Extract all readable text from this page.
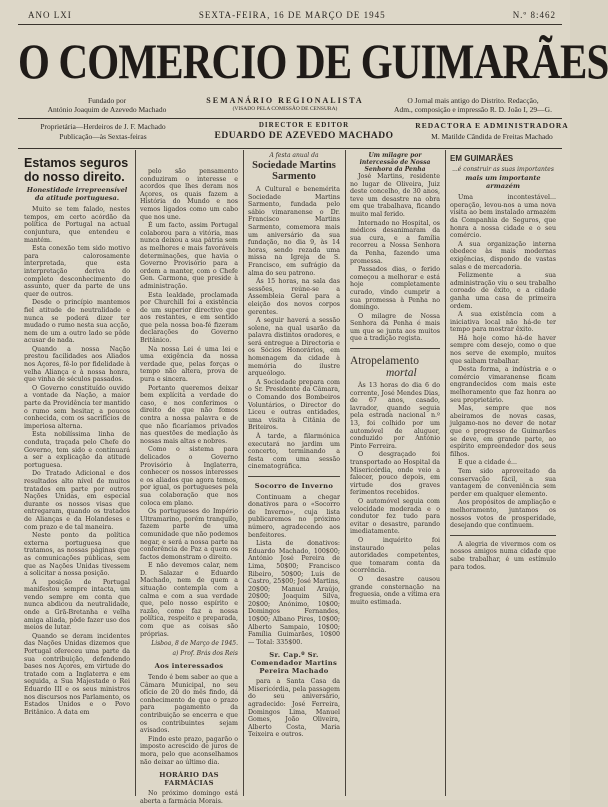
ANO LXI	SEXTA-FEIRA, 16 DE MARÇO DE 1945	N.º 8:462
O COMERCIO DE GUIMARÃES
Fundado por
António Joaquim de Azevedo Machado
SEMANÁRIO REGIONALISTA
(VISADO PELA COMISSÃO DE CENSURA)
O Jornal mais antigo do Distrito. Redacção,
Adm., composição e impressão R. D. João I, 29—G.
Proprietária—Herdeiros de J. F. Machado
Publicação—às Sextas-feiras
DIRECTOR E EDITOR
EDUARDO DE AZEVEDO MACHADO
REDACTORA E ADMINISTRADORA
M. Matilde Cândida de Freitas Machado
Estamos seguros do nosso direito.
Honestidade irrepreensível da atitude portuguesa.

Muito se tem falado, nestes tempos, em certo acórdão da política de Portugal na actual conjuntura, que entendeu e mantém.

Esta conexão tem sido motivo para calorosamente interpretada, que esta interpretação deriva do completo desconhecimento do assunto, quer da parte de uns quer de outros.

Desde o princípio mantemos fiel atitude de neutralidade e nunca se poderá dizer ter mudado o rumo nesta sua acção, nem de um a outro lado se pôde acusar de nada.

Quando a nossa Nação prestou facilidades aos Aliados nos Açores, fê-lo por fidelidade à velha Aliança e à nossa honra, que vinha de séculos passados.

O Governo constituído ouvido a vontade da Nação, a maior parte da Providência ter mantido o rumo sem hesitar, a poucos conhecida, com os sacrifícios de imperiosa alterna.

Esta nobilíssima linha de conduta, traçada pelo Chefe do Governo, tem sido e continuará a ser a explicação da atitude portuguesa.

Do Tratado Adicional e dos resultados alto nível de muitos tratados em parte por outros Nações Unidas, em especial durante os nossos visas que entregaram, quando os tratados de Alianças e da Holandeses e com prazo e de tal maneira.

Neste ponto da política externa portuguesa que tratamos, as nossas páginas que as comunicações públicas, sem que as Nações Unidas tivessem a solicitar a nossa posição.

A posição de Portugal manifestou sempre intacta, um vendo sempre em conta que nunca abdicou da neutralidade, onde a Grã-Bretanha e velha amiga aliada, pôde fazer uso dos meios de lutar.

Quando se deram incidentes das Nações Unidas dizemos que Portugal ofereceu uma parte da sua contribuição, defendendo bases nos Açores, em virtude do tratado com a Inglaterra e em seguida, a Sua Majestade o Rei Eduardo III e os seus ministros nos discursos nos Parlamento, os Estados Unidos e o Povo Britânico. A data em

pelo são pensamento conduziram o interesse e acordos que lhes deram nos Açores, os quais fazem a História do Mundo e nos vemos ligados como um cabo que nos une.

É um facto, assim Portugal colaborou para a vitória, mas nunca deixou a sua pátria sem as melhores e mais favoráveis determinações, que havia o Governo Provisório para a ordem a manter, com o Chefe Gen. Carmona, que preside à administração.

Esta lealdade, proclamada por Churchill foi a existência de um superior directivo que aos restantes, e em sentido que pela nossa boa-fé fizeram declarações do Governo Britânico.

Na nossa Lei é uma lei e uma exigência da nossa verdade que, pelas forças o tempo não altera, prova de pura e sincera.

Portanto queremos deixar bem explícita a verdade do caso, e nos conferimos o direito de que não fomos contra a nossa palavra e de que não ficaríamos privados nas questões de mediação às nossas mais altas e nobres.

Como o sistema para delicados o Governo Provisório à Inglaterra, conhecer os nossos interesses e os aliados que agora temos, por igual, os portugueses pela sua colaboração que nos coloca em plano.

Os portugueses do Império Ultramarino, porém tranquilo, fazem parte de uma comunidade que não podemos negar, e será a nossa parte na conferência de Paz a quem os factos demonstram o direito.

E não devemos calar, nem D. Salazar e Eduardo Machado, nem de quem a situação contempla com a calma e com a sua verdade que, pelo nosso espírito e razão, como faz a nossa política, respeito e preparada, com que as coisas são próprias.

Lisboa, 8 de Março de 1945.
a) Prof. Brás dos Reis
Aos interessados

Tendo é bem saber ao que a Câmara Municipal, no seu ofício de 20 do mês findo, dá conhecimento de que o prazo para pagamento da contribuição se encerra e que os contribuintes sejam avisados.

Findo este prazo, pagarão o imposto acrescido de juros de mora, pelo que aconselhamos não deixar ao último dia.

HORÁRIO DAS FARMÁCIAS

No próximo domingo está aberta a farmácia Morais.

A festa anual da
Sociedade Martins Sarmento

A Cultural e benemérita Sociedade Martins Sarmento, fundada pelo sábio vimaranense o Dr. Francisco Martins Sarmento, comemora mais um aniversário da sua fundação, no dia 9, às 14 horas, sendo rezada uma missa na Igreja de S. Francisco, em sufrágio da alma do seu patrono.

Às 15 horas, na sala das sessões, reúne-se a Assembleia Geral para a eleição dos novos corpos gerentes.

A seguir haverá a sessão solene, na qual usarão da palavra distintos oradores, e será entregue a Directoria e os Sócios Honorários, em homenagem da cidade à memória do ilustre arqueólogo.

A Sociedade prepara com o Sr. Presidente da Câmara, o Comando dos Bombeiros Voluntários, o Director do Liceu e outras entidades, uma visita à Citânia de Briteiros.

À tarde, a filarmónica executará no jardim um concerto, terminando a festa com uma sessão cinematográfica.

Socorro de Inverno

Continuam a chegar donativos para o «Socorro de Inverno», cuja lista publicaremos no próximo número, agradecendo aos benfeitores.

Lista de donativos: Eduardo Machado, 100$00; António José Pereira de Lima, 50$00; Francisco Ribeiro, 50$00; Luís de Castro, 25$00; José Martins, 20$00; Manuel Araújo, 20$00; Joaquim Silva, 20$00; Anónimo, 10$00; Domingos Fernandes, 10$00; Albano Pires, 10$00; Alberto Sampaio, 10$00; Família Guimarães, 10$00 — Total: 335$00.

Sr. Cap.º Sr. Comendador Martins Pereira Machado

para a Santa Casa da Misericórdia, pela passagem do seu aniversário, agradecido: José Ferreira, Domingos Lima, Manuel Gomes, João Oliveira, Alberto Costa, Maria Teixeira e outros.

Um milagre por intercessão de Nossa Senhora da Penha

José Martins, residente no lugar de Oliveira, Juiz deste concelho, de 30 anos, teve um desastre na obra em que trabalhava, ficando muito mal ferido.

Internado no Hospital, os médicos desanimaram da sua cura, e a família recorreu a Nossa Senhora da Penha, fazendo uma promessa.

Passados dias, o ferido começou a melhorar e está hoje completamente curado, vindo cumprir a sua promessa à Penha no domingo.

O milagre de Nossa Senhora da Penha é mais um que se junta aos muitos que a tradição regista.

Atropelamento
mortal

Às 13 horas do dia 6 do corrente, José Mendes Dias, de 67 anos, casado, lavrador, quando seguia pela estrada nacional n.º 13, foi colhido por um automóvel de aluguer, conduzido por António Pinto Ferreira.

O desgraçado foi transportado ao Hospital da Misericórdia, onde veio a falecer, pouco depois, em virtude dos graves ferimentos recebidos.

O automóvel seguia com velocidade moderada e o condutor fez tudo para evitar o desastre, parando imediatamente.

O inquérito foi instaurado pelas autoridades competentes, que tomaram conta da ocorrência.

O desastre causou grande consternação na freguesia, onde a vítima era muito estimada.

EM GUIMARÃES
...é construir as suas importantes
mais um importante armazém

Uma incontestável... operação, levou-nos a uma nova visita ao bem instalado armazém da Companhia de Seguros, que honra a nossa cidade e o seu comércio.

A sua organização interna obedece às mais modernas exigências, dispondo de vastas salas e de mercadoria.

Felizmente a sua administração viu o seu trabalho coroado de êxito, e a cidade ganha uma casa de primeira ordem.

A sua existência com a iniciativa local não há-de ter tempo para mostrar êxito.

Há hoje como há-de haver sempre com desejo, como o que nos serve de exemplo, muitos que saibam trabalhar.

Desta forma, a indústria e o comércio vimaranense ficam engrandecidos com mais este melhoramento que faz honra ao seu proprietário.

Mas, sempre que nos abeiramos de novas casas, julgamo-nos no dever de notar que o progresso de Guimarães se deve, em grande parte, ao espírito empreendedor dos seus filhos.

E que a cidade é...

Tem sido aproveitado da conservação fácil, a sua vantagem de conveniência sem perder em qualquer elemento.

Aos propósitos de ampliação e melhoramento, juntamos os nossos votos de prosperidade, desejando que continuem.

A alegria de vivermos com os nossos amigos numa cidade que sabe trabalhar, é um estímulo para todos.
